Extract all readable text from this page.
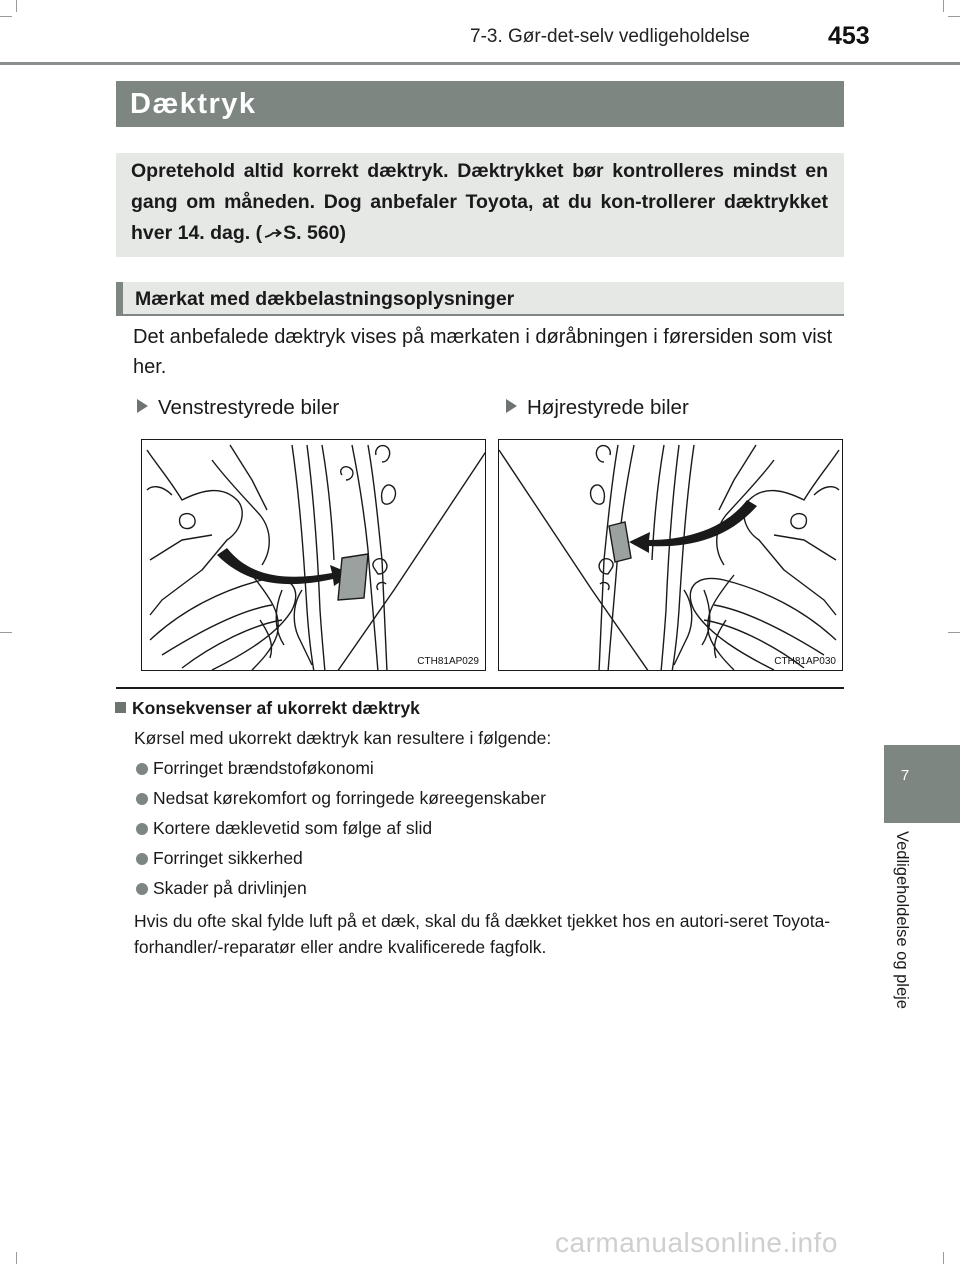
7-3. Gør-det-selv vedligeholdelse	453
Dæktryk
Opretehold altid korrekt dæktryk. Dæktrykket bør kontrolleres mindst en gang om måneden. Dog anbefaler Toyota, at du kon-trollerer dæktrykket hver 14. dag. ( S. 560)
Mærkat med dækbelastningsoplysninger
Det anbefalede dæktryk vises på mærkaten i døråbningen i førersiden som vist her.
Venstrestyrede biler	Højrestyrede biler
CTH81AP029	CTH81AP030
Konsekvenser af ukorrekt dæktryk
Kørsel med ukorrekt dæktryk kan resultere i følgende:
Forringet brændstoføkonomi
Nedsat kørekomfort og forringede køreegenskaber
Kortere dæklevetid som følge af slid
Forringet sikkerhed
Skader på drivlinjen
Hvis du ofte skal fylde luft på et dæk, skal du få dækket tjekket hos en autori-seret Toyota-forhandler/-reparatør eller andre kvalificerede fagfolk.
7
Vedligeholdelse og pleje
carmanualsonline.info
